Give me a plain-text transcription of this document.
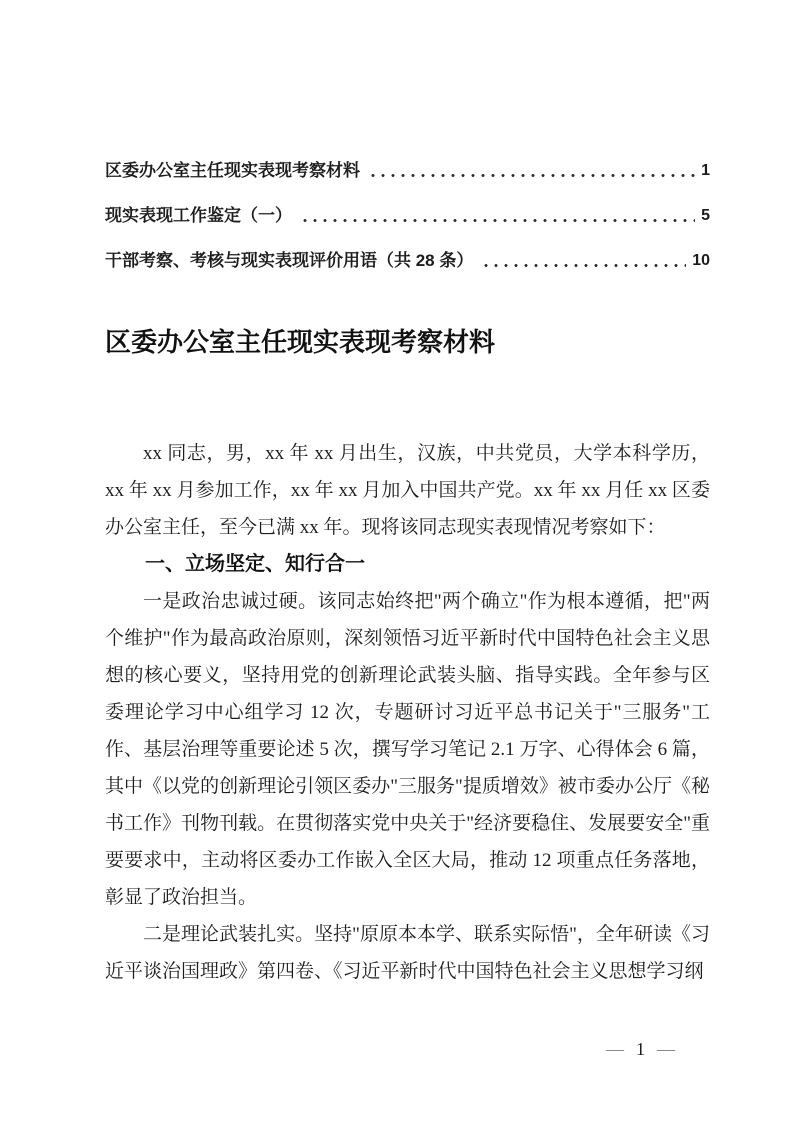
区委办公室主任现实表现考察材料	1
现实表现工作鉴定（一）	5
干部考察、考核与现实表现评价用语（共 28 条）	10
区委办公室主任现实表现考察材料

xx 同志，男，xx 年 xx 月出生，汉族，中共党员，大学本科学历，xx 年 xx 月参加工作，xx 年 xx 月加入中国共产党。xx 年 xx 月任 xx 区委办公室主任，至今已满 xx 年。现将该同志现实表现情况考察如下：

一、立场坚定、知行合一

一是政治忠诚过硬。该同志始终把"两个确立"作为根本遵循，把"两个维护"作为最高政治原则，深刻领悟习近平新时代中国特色社会主义思想的核心要义，坚持用党的创新理论武装头脑、指导实践。全年参与区委理论学习中心组学习 12 次，专题研讨习近平总书记关于"三服务"工作、基层治理等重要论述 5 次，撰写学习笔记 2.1 万字、心得体会 6 篇，其中《以党的创新理论引领区委办"三服务"提质增效》被市委办公厅《秘书工作》刊物刊载。在贯彻落实党中央关于"经济要稳住、发展要安全"重要要求中，主动将区委办工作嵌入全区大局，推动 12 项重点任务落地，彰显了政治担当。

二是理论武装扎实。坚持"原原本本学、联系实际悟"，全年研读《习近平谈治国理政》第四卷、《习近平新时代中国特色社会主义思想学习纲

— 1 —
